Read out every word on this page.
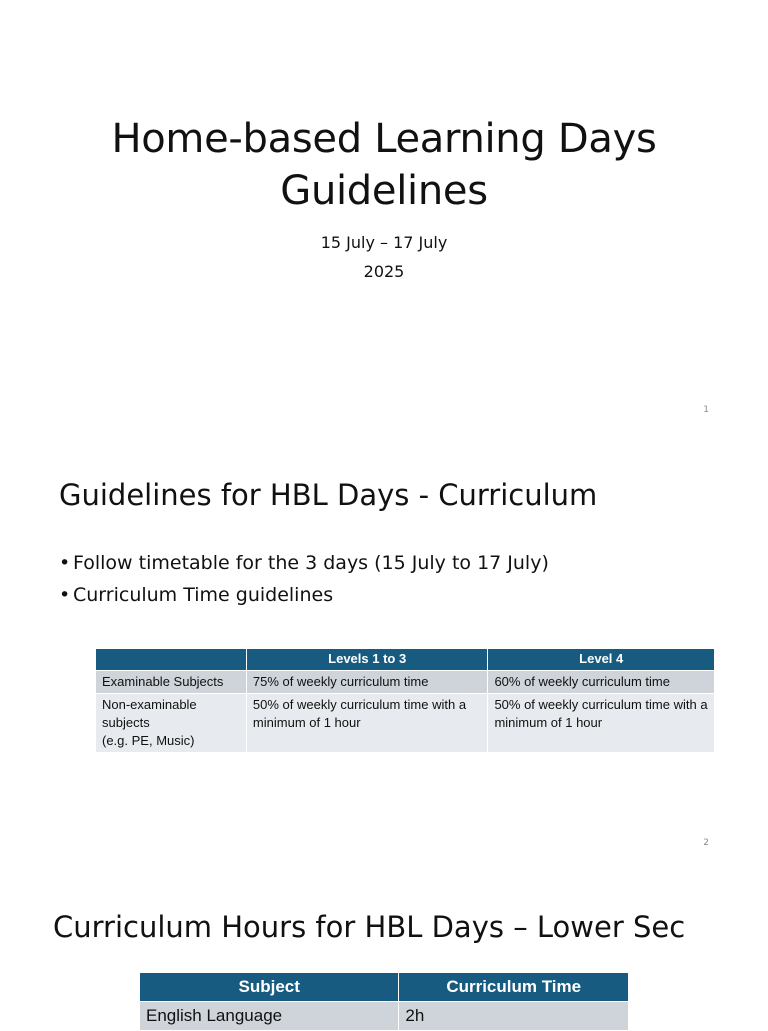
Home-based Learning Days
Guidelines
15 July – 17 July
2025
1
Guidelines for HBL Days - Curriculum
• Follow timetable for the 3 days (15 July to 17 July)
• Curriculum Time guidelines
	Levels 1 to 3	Level 4
Examinable Subjects	75% of weekly curriculum time	60% of weekly curriculum time

Non-examinable subjects
(e.g. PE, Music)	50% of weekly curriculum time with a minimum of 1 hour	50% of weekly curriculum time with a minimum of 1 hour
2
Curriculum Hours for HBL Days – Lower Sec
Subject	Curriculum Time
English Language	2h
